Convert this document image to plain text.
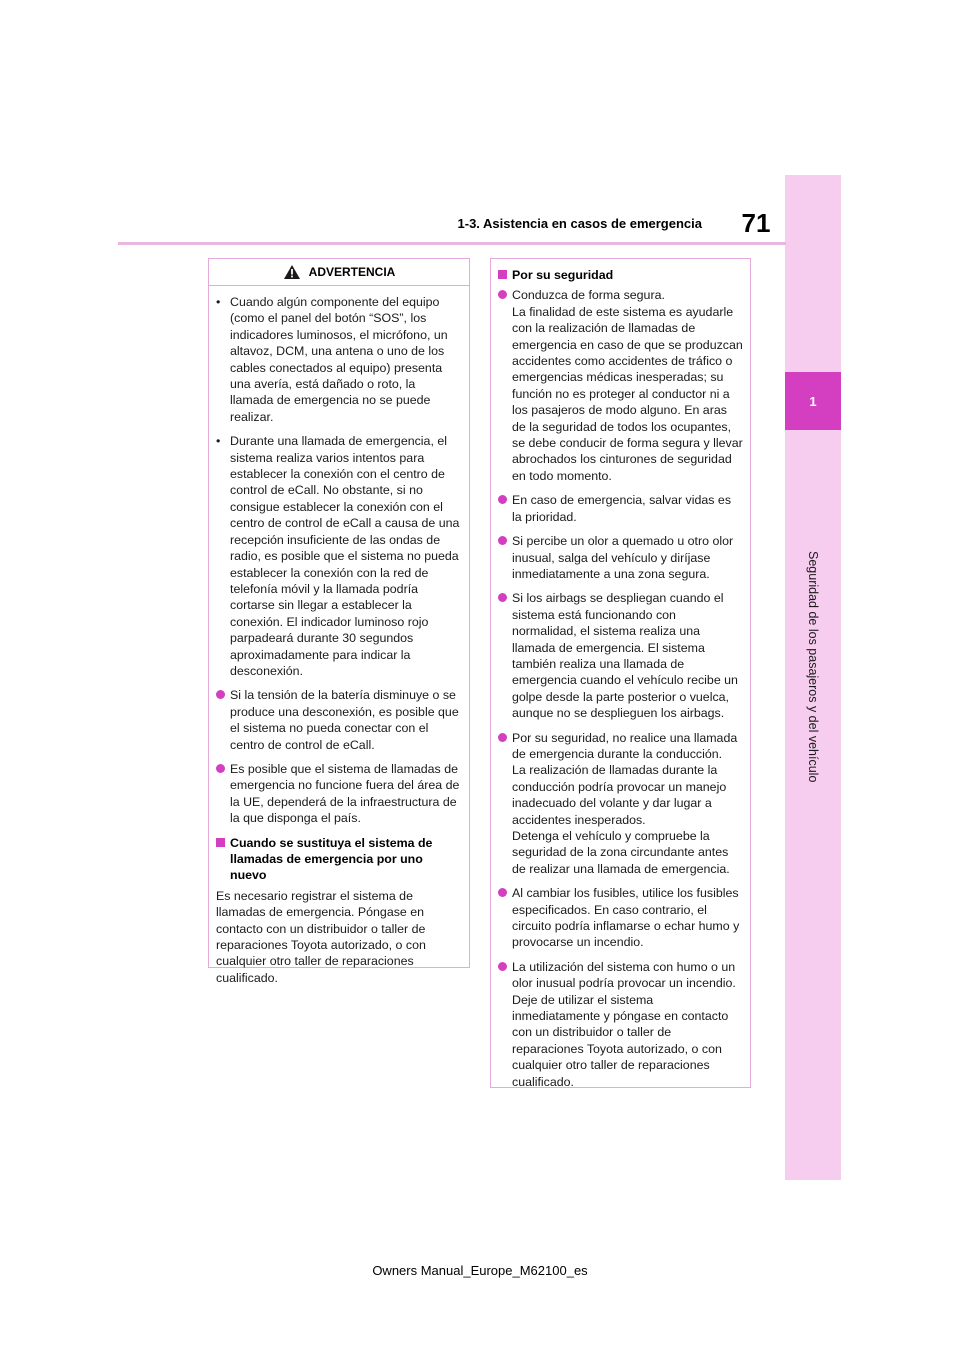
1
Seguridad de los pasajeros y del vehículo
1-3. Asistencia en casos de emergencia 71
ADVERTENCIA
• Cuando algún componente del equipo (como el panel del botón “SOS”, los indicadores luminosos, el micrófono, un altavoz, DCM, una antena o uno de los cables conectados al equipo) presenta una avería, está dañado o roto, la llamada de emergencia no se puede realizar.
• Durante una llamada de emergencia, el sistema realiza varios intentos para establecer la conexión con el centro de control de eCall. No obstante, si no consigue establecer la conexión con el centro de control de eCall a causa de una recepción insuficiente de las ondas de radio, es posible que el sistema no pueda establecer la conexión con la red de telefonía móvil y la llamada podría cortarse sin llegar a establecer la conexión. El indicador luminoso rojo parpadeará durante 30 segundos aproximadamente para indicar la desconexión.
Si la tensión de la batería disminuye o se produce una desconexión, es posible que el sistema no pueda conectar con el centro de control de eCall.
Es posible que el sistema de llamadas de emergencia no funcione fuera del área de la UE, dependerá de la infraestructura de la que disponga el país.
Cuando se sustituya el sistema de llamadas de emergencia por uno nuevo
Es necesario registrar el sistema de llamadas de emergencia. Póngase en contacto con un distribuidor o taller de reparaciones Toyota autorizado, o con cualquier otro taller de reparaciones cualificado.
Por su seguridad
Conduzca de forma segura.
La finalidad de este sistema es ayudarle con la realización de llamadas de emergencia en caso de que se produzcan accidentes como accidentes de tráfico o emergencias médicas inesperadas; su función no es proteger al conductor ni a los pasajeros de modo alguno. En aras de la seguridad de todos los ocupantes, se debe conducir de forma segura y llevar abrochados los cinturones de seguridad en todo momento.
En caso de emergencia, salvar vidas es la prioridad.
Si percibe un olor a quemado u otro olor inusual, salga del vehículo y diríjase inmediatamente a una zona segura.
Si los airbags se despliegan cuando el sistema está funcionando con normalidad, el sistema realiza una llamada de emergencia. El sistema también realiza una llamada de emergencia cuando el vehículo recibe un golpe desde la parte posterior o vuelca, aunque no se desplieguen los airbags.
Por su seguridad, no realice una llamada de emergencia durante la conducción.
La realización de llamadas durante la conducción podría provocar un manejo inadecuado del volante y dar lugar a accidentes inesperados.
Detenga el vehículo y compruebe la seguridad de la zona circundante antes de realizar una llamada de emergencia.
Al cambiar los fusibles, utilice los fusibles especificados. En caso contrario, el circuito podría inflamarse o echar humo y provocarse un incendio.
La utilización del sistema con humo o un olor inusual podría provocar un incendio. Deje de utilizar el sistema inmediatamente y póngase en contacto con un distribuidor o taller de reparaciones Toyota autorizado, o con cualquier otro taller de reparaciones cualificado.
Owners Manual_Europe_M62100_es
